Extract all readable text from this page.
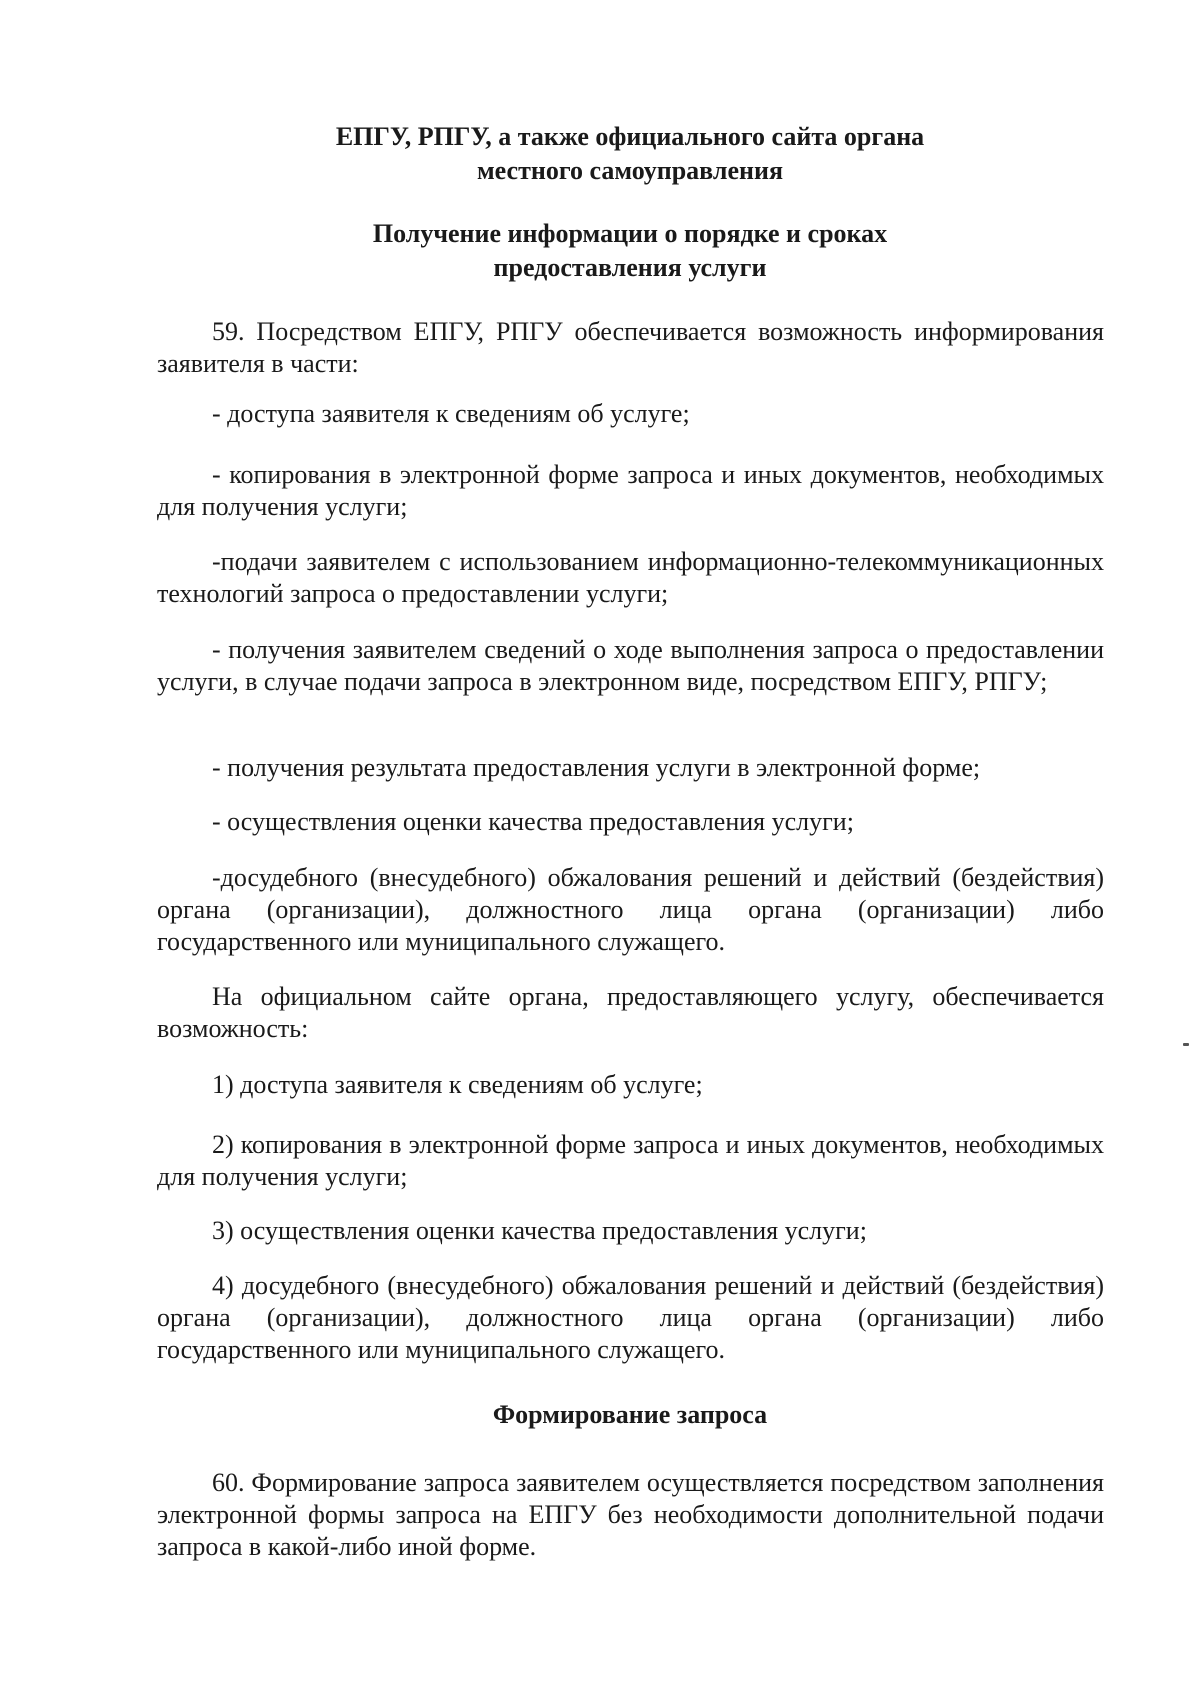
ЕПГУ, РПГУ, а также официального сайта органа
местного самоуправления
Получение информации о порядке и сроках
предоставления услуги

59. Посредством ЕПГУ, РПГУ обеспечивается возможность информирования заявителя в части:

- доступа заявителя к сведениям об услуге;

- копирования в электронной форме запроса и иных документов, необходимых для получения услуги;

-подачи заявителем с использованием информационно-телекоммуникационных технологий запроса о предоставлении услуги;

- получения заявителем сведений о ходе выполнения запроса о предоставлении услуги, в случае подачи запроса в электронном виде, посредством ЕПГУ, РПГУ;

- получения результата предоставления услуги в электронной форме;

- осуществления оценки качества предоставления услуги;

-досудебного (внесудебного) обжалования решений и действий (бездействия) органа (организации), должностного лица органа (организации) либо государственного или муниципального служащего.

На официальном сайте органа, предоставляющего услугу, обеспечивается возможность:

1) доступа заявителя к сведениям об услуге;

2) копирования в электронной форме запроса и иных документов, необходимых для получения услуги;

3) осуществления оценки качества предоставления услуги;

4) досудебного (внесудебного) обжалования решений и действий (бездействия) органа (организации), должностного лица органа (организации) либо государственного или муниципального служащего.

Формирование запроса

60. Формирование запроса заявителем осуществляется посредством заполнения электронной формы запроса на ЕПГУ без необходимости дополнительной подачи запроса в какой-либо иной форме.
